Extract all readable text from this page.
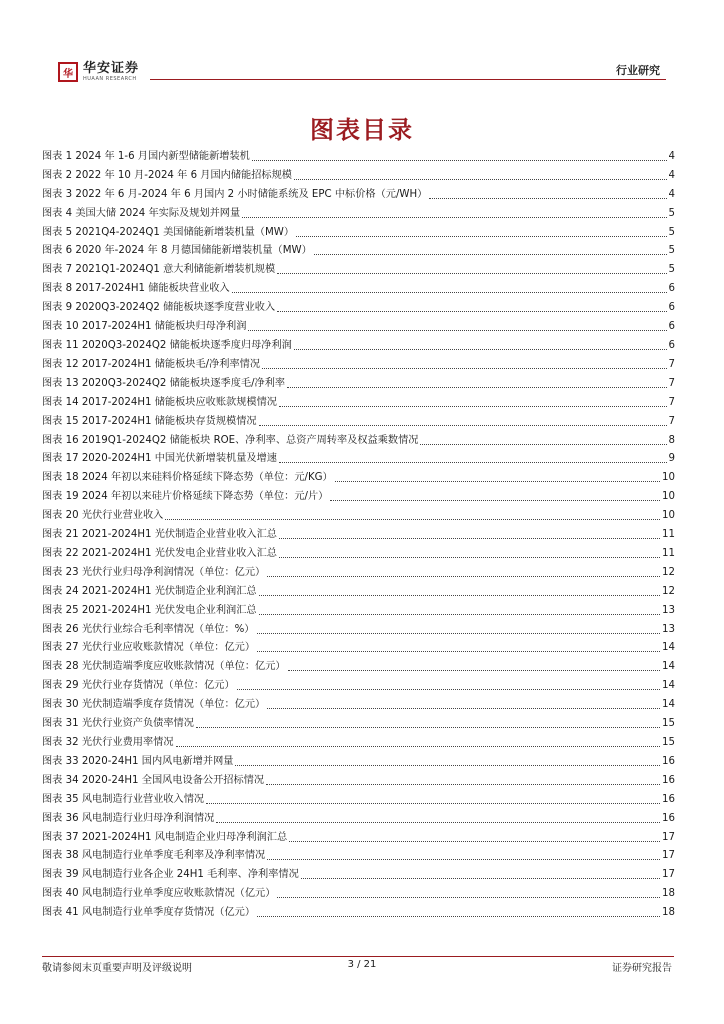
华 华安证券
HUAAN RESEARCH
行业研究
图表目录
图表 1 2024 年 1-6 月国内新型储能新增装机	4
图表 2 2022 年 10 月-2024 年 6 月国内储能招标规模	4
图表 3 2022 年 6 月-2024 年 6 月国内 2 小时储能系统及 EPC 中标价格（元/WH）	4
图表 4 美国大储 2024 年实际及规划并网量	5
图表 5 2021Q4-2024Q1 美国储能新增装机量（MW）	5
图表 6 2020 年-2024 年 8 月德国储能新增装机量（MW）	5
图表 7 2021Q1-2024Q1 意大利储能新增装机规模	5
图表 8 2017-2024H1 储能板块营业收入	6
图表 9 2020Q3-2024Q2 储能板块逐季度营业收入	6
图表 10 2017-2024H1 储能板块归母净利润	6
图表 11 2020Q3-2024Q2 储能板块逐季度归母净利润	6
图表 12 2017-2024H1 储能板块毛/净利率情况	7
图表 13 2020Q3-2024Q2 储能板块逐季度毛/净利率	7
图表 14 2017-2024H1 储能板块应收账款规模情况	7
图表 15 2017-2024H1 储能板块存货规模情况	7
图表 16 2019Q1-2024Q2 储能板块 ROE、净利率、总资产周转率及权益乘数情况	8
图表 17 2020-2024H1 中国光伏新增装机量及增速	9
图表 18 2024 年初以来硅料价格延续下降态势（单位：元/KG）	10
图表 19 2024 年初以来硅片价格延续下降态势（单位：元/片）	10
图表 20 光伏行业营业收入	10
图表 21 2021-2024H1 光伏制造企业营业收入汇总	11
图表 22 2021-2024H1 光伏发电企业营业收入汇总	11
图表 23 光伏行业归母净利润情况（单位：亿元）	12
图表 24 2021-2024H1 光伏制造企业利润汇总	12
图表 25 2021-2024H1 光伏发电企业利润汇总	13
图表 26 光伏行业综合毛利率情况（单位：%）	13
图表 27 光伏行业应收账款情况（单位：亿元）	14
图表 28 光伏制造端季度应收账款情况（单位：亿元）	14
图表 29 光伏行业存货情况（单位：亿元）	14
图表 30 光伏制造端季度存货情况（单位：亿元）	14
图表 31 光伏行业资产负债率情况	15
图表 32 光伏行业费用率情况	15
图表 33 2020-24H1 国内风电新增并网量	16
图表 34 2020-24H1 全国风电设备公开招标情况	16
图表 35 风电制造行业营业收入情况	16
图表 36 风电制造行业归母净利润情况	16
图表 37 2021-2024H1 风电制造企业归母净利润汇总	17
图表 38 风电制造行业单季度毛利率及净利率情况	17
图表 39 风电制造行业各企业 24H1 毛利率、净利率情况	17
图表 40 风电制造行业单季度应收账款情况（亿元）	18
图表 41 风电制造行业单季度存货情况（亿元）	18
敬请参阅末页重要声明及评级说明	3 / 21	证券研究报告
